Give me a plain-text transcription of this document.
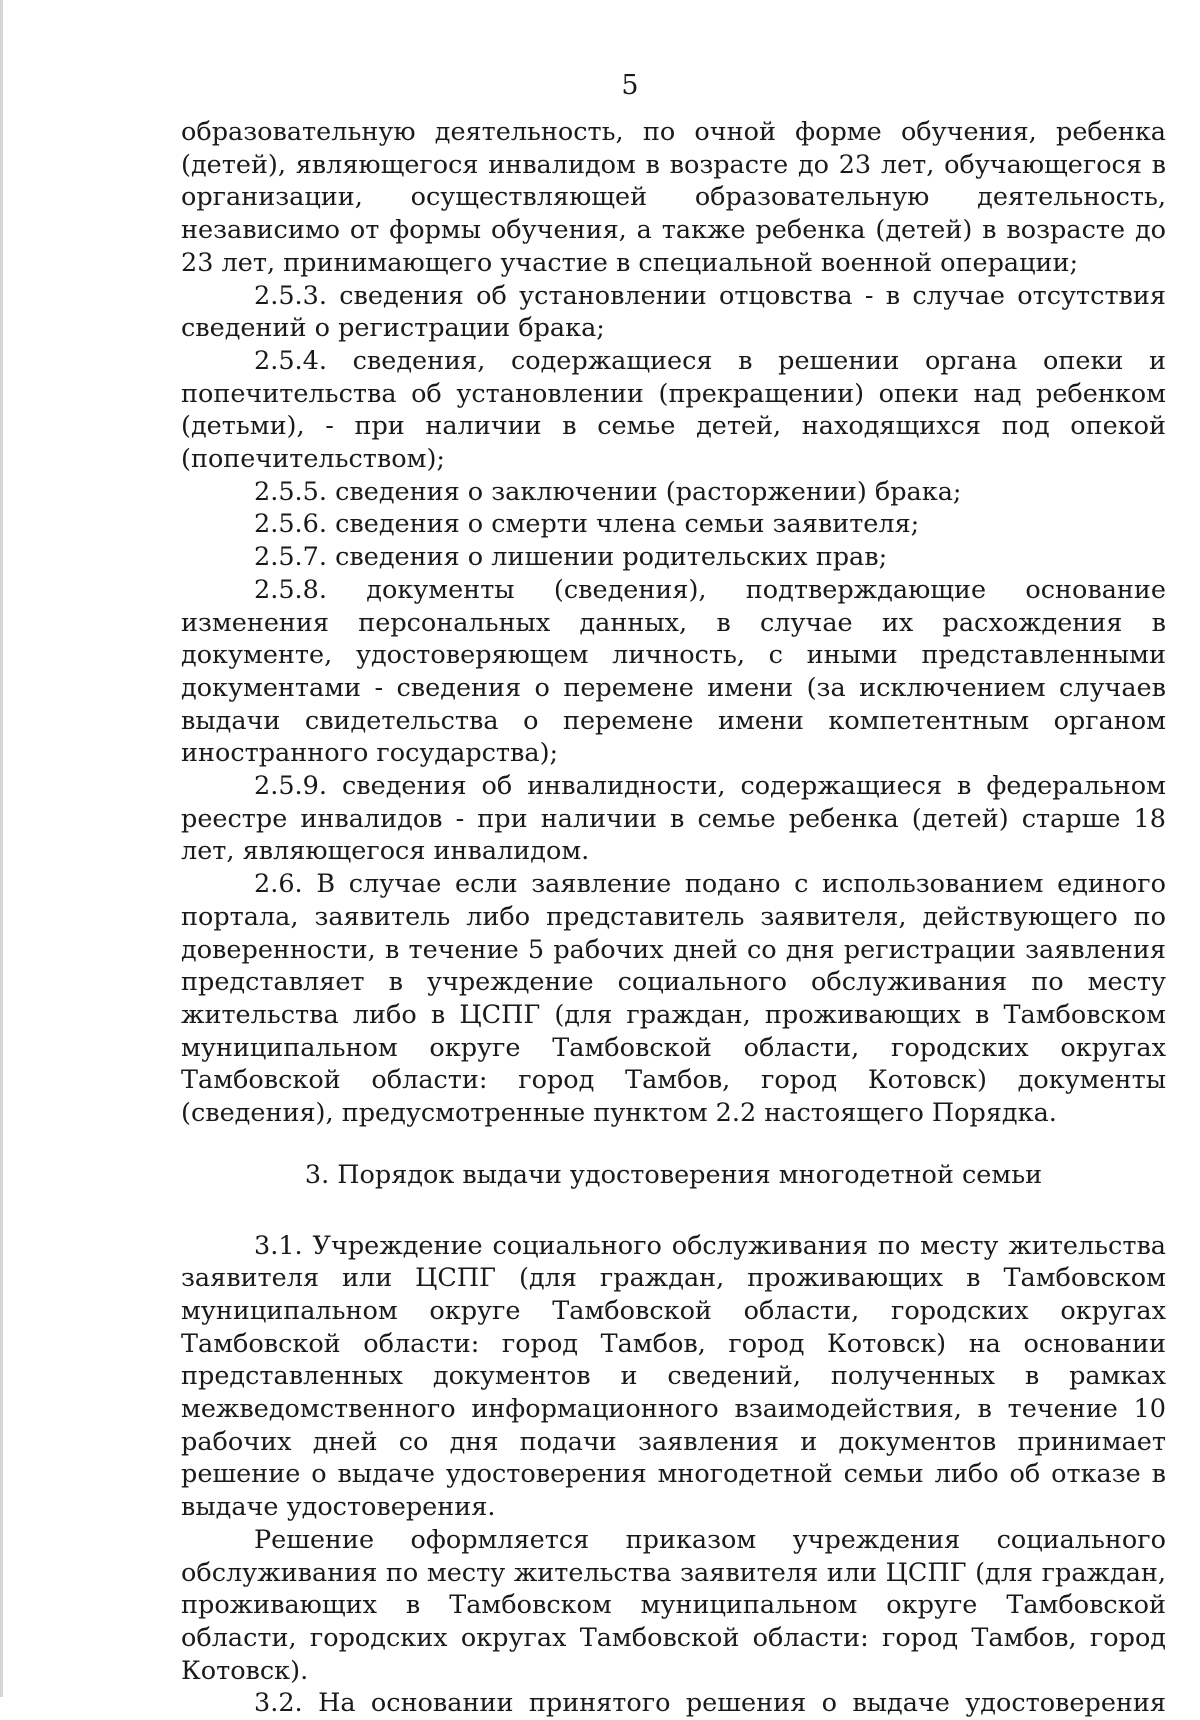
5

образовательную деятельность, по очной форме обучения, ребенка (детей), являющегося инвалидом в возрасте до 23 лет, обучающегося в организации, осуществляющей образовательную деятельность, независимо от формы обучения, а также ребенка (детей) в возрасте до 23 лет, принимающего участие в специальной военной операции;

2.5.3. сведения об установлении отцовства - в случае отсутствия сведений о регистрации брака;

2.5.4. сведения, содержащиеся в решении органа опеки и попечительства об установлении (прекращении) опеки над ребенком (детьми), - при наличии в семье детей, находящихся под опекой (попечительством);

2.5.5. сведения о заключении (расторжении) брака;

2.5.6. сведения о смерти члена семьи заявителя;

2.5.7. сведения о лишении родительских прав;

2.5.8. документы (сведения), подтверждающие основание изменения персональных данных, в случае их расхождения в документе, удостоверяющем личность, с иными представленными документами - сведения о перемене имени (за исключением случаев выдачи свидетельства о перемене имени компетентным органом иностранного государства);

2.5.9. сведения об инвалидности, содержащиеся в федеральном реестре инвалидов - при наличии в семье ребенка (детей) старше 18 лет, являющегося инвалидом.

2.6. В случае если заявление подано с использованием единого портала, заявитель либо представитель заявителя, действующего по доверенности, в течение 5 рабочих дней со дня регистрации заявления представляет в учреждение социального обслуживания по месту жительства либо в ЦСПГ (для граждан, проживающих в Тамбовском муниципальном округе Тамбовской области, городских округах Тамбовской области: город Тамбов, город Котовск) документы (сведения), предусмотренные пунктом 2.2 настоящего Порядка.

3. Порядок выдачи удостоверения многодетной семьи

3.1. Учреждение социального обслуживания по месту жительства заявителя или ЦСПГ (для граждан, проживающих в Тамбовском муниципальном округе Тамбовской области, городских округах Тамбовской области: город Тамбов, город Котовск) на основании представленных документов и сведений, полученных в рамках межведомственного информационного взаимодействия, в течение 10 рабочих дней со дня подачи заявления и документов принимает решение о выдаче удостоверения многодетной семьи либо об отказе в выдаче удостоверения.

Решение оформляется приказом учреждения социального обслуживания по месту жительства заявителя или ЦСПГ (для граждан, проживающих в Тамбовском муниципальном округе Тамбовской области, городских округах Тамбовской области: город Тамбов, город Котовск).

3.2. На основании принятого решения о выдаче удостоверения
